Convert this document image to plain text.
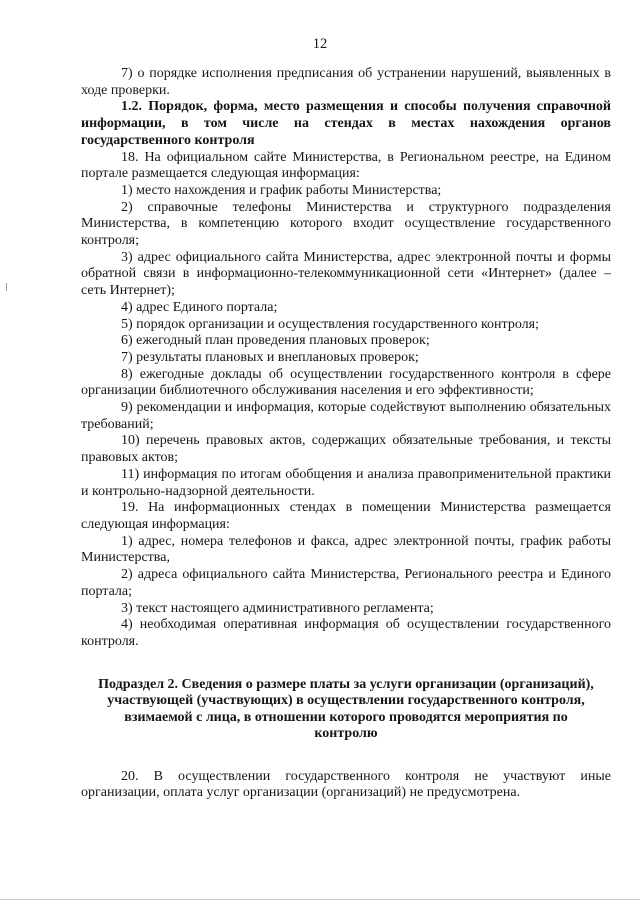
12

7) о порядке исполнения предписания об устранении нарушений, выявленных в ходе проверки.

1.2. Порядок, форма, место размещения и способы получения справочной информации, в том числе на стендах в местах нахождения органов государственного контроля

18. На официальном сайте Министерства, в Региональном реестре, на Едином портале размещается следующая информация:

1) место нахождения и график работы Министерства;

2) справочные телефоны Министерства и структурного подразделения Министерства, в компетенцию которого входит осуществление государственного контроля;

3) адрес официального сайта Министерства, адрес электронной почты и формы обратной связи в информационно-телекоммуникационной сети «Интернет» (далее – сеть Интернет);

4) адрес Единого портала;

5) порядок организации и осуществления государственного контроля;

6) ежегодный план проведения плановых проверок;

7) результаты плановых и внеплановых проверок;

8) ежегодные доклады об осуществлении государственного контроля в сфере организации библиотечного обслуживания населения и его эффективности;

9) рекомендации и информация, которые содействуют выполнению обязательных требований;

10) перечень правовых актов, содержащих обязательные требования, и тексты правовых актов;

11) информация по итогам обобщения и анализа правоприменительной практики и контрольно-надзорной деятельности.

19. На информационных стендах в помещении Министерства размещается следующая информация:

1) адрес, номера телефонов и факса, адрес электронной почты, график работы Министерства,

2) адреса официального сайта Министерства, Регионального реестра и Единого портала;

3) текст настоящего административного регламента;

4) необходимая оперативная информация об осуществлении государственного контроля.

Подраздел 2. Сведения о размере платы за услуги организации (организаций), участвующей (участвующих) в осуществлении государственного контроля, взимаемой с лица, в отношении которого проводятся мероприятия по контролю

20. В осуществлении государственного контроля не участвуют иные организации, оплата услуг организации (организаций) не предусмотрена.
